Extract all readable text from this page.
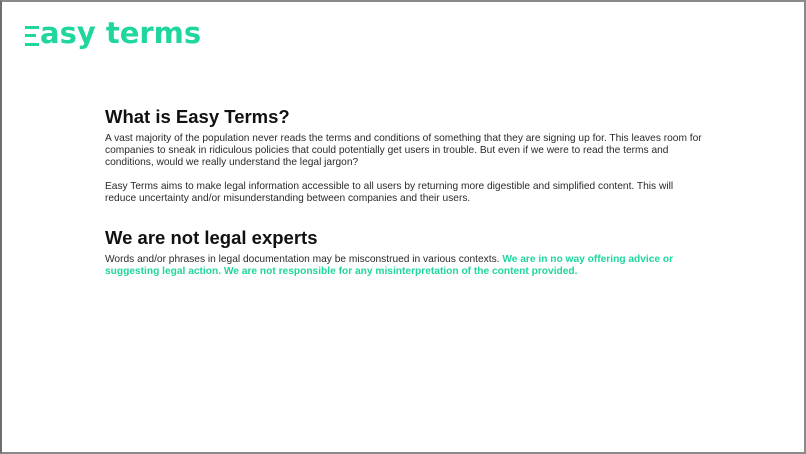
asy terms
What is Easy Terms?

A vast majority of the population never reads the terms and conditions of something that they are signing up for. This leaves room for companies to sneak in ridiculous policies that could potentially get users in trouble. But even if we were to read the terms and conditions, would we really understand the legal jargon?

Easy Terms aims to make legal information accessible to all users by returning more digestible and simplified content. This will reduce uncertainty and/or misunderstanding between companies and their users.

We are not legal experts

Words and/or phrases in legal documentation may be misconstrued in various contexts. We are in no way offering advice or suggesting legal action. We are not responsible for any misinterpretation of the content provided.
